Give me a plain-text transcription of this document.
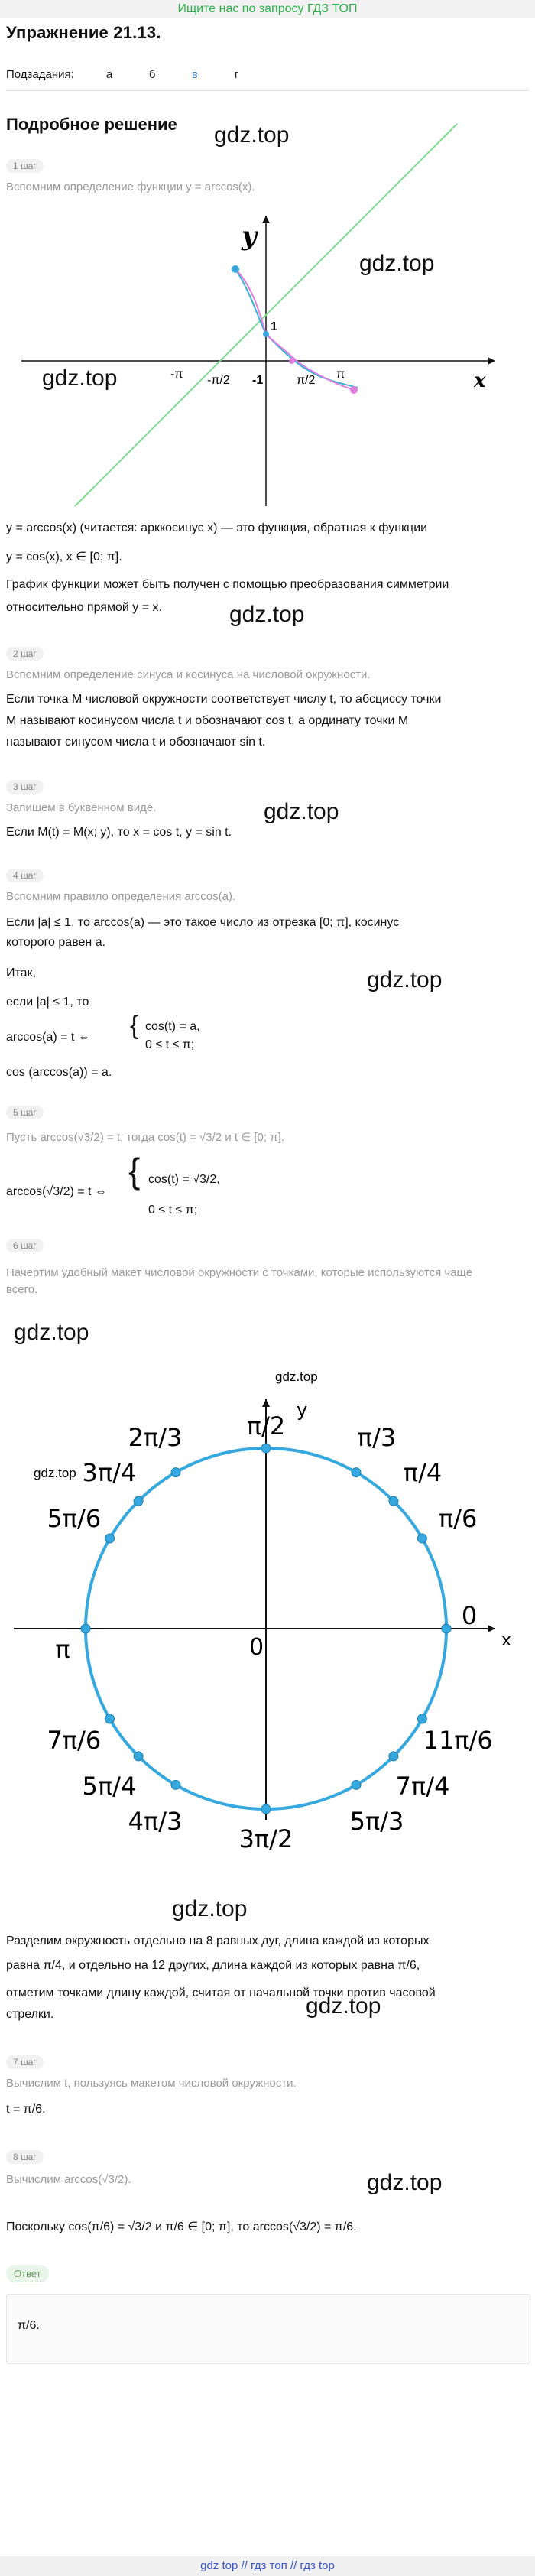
Ищите нас по запросу ГДЗ ТОП
Упражнение 21.13.
Подзадания:	а	б	в	г
Подробное решение gdz.top
1 шаг
Вспомним определение функции y = arccos(x).
y
x
-π -π/2	π/2 π
1
-1
gdz.top
gdz.top
y = arccos(x) (читается: арккосинус x) — это функция, обратная к функции
y = cos(x), x ∈ [0; π].
График функции может быть получен с помощью преобразования симметрии
относительно прямой y = x.	gdz.top
2 шаг
Вспомним определение синуса и косинуса на числовой окружности.
Если точка M числовой окружности соответствует числу t, то абсциссу точки
M называют косинусом числа t и обозначают cos t, а ординату точки M
называют синусом числа t и обозначают sin t.
3 шаг
Запишем в буквенном виде.	gdz.top
Если M(t) = M(x; y), то x = cos t, y = sin t.
4 шаг
Вспомним правило определения arccos(a).
Если |a| ≤ 1, то arccos(a) — это такое число из отрезка [0; π], косинус
которого равен a.
gdz.top
Итак,
если |a| ≤ 1, то
arccos(a) = t ⇔ { cos(t) = a,
0 ≤ t ≤ π;
cos (arccos(a)) = a.
5 шаг
Пусть arccos(√3/2) = t, тогда cos(t) = √3/2 и t ∈ [0; π].
arccos(√3/2) = t ⇔
{ cos(t) = √3/2,
0 ≤ t ≤ π;
6 шаг
Начертим удобный макет числовой окружности с точками, которые используются чаще
всего.
gdz.top
y
x
0
gdz.top
gdz.top
π/2	π/3
π/4
π/6
0
2π/3
3π/4
5π/6
π
7π/6
5π/4
4π/3
3π/2
5π/3
7π/4
11π/6
gdz.top
Разделим окружность отдельно на 8 равных дуг, длина каждой из которых
равна π/4, и отдельно на 12 других, длина каждой из которых равна π/6,
отметим точками длину каждой, считая от начальной точки против часовой
gdz.top
стрелки.
7 шаг
Вычислим t, пользуясь макетом числовой окружности.
t = π/6.
8 шаг
Вычислим arccos(√3/2).	gdz.top
Поскольку cos(π/6) = √3/2 и π/6 ∈ [0; π], то arccos(√3/2) = π/6.
Ответ
π/6.
gdz top // гдз топ // гдз top
